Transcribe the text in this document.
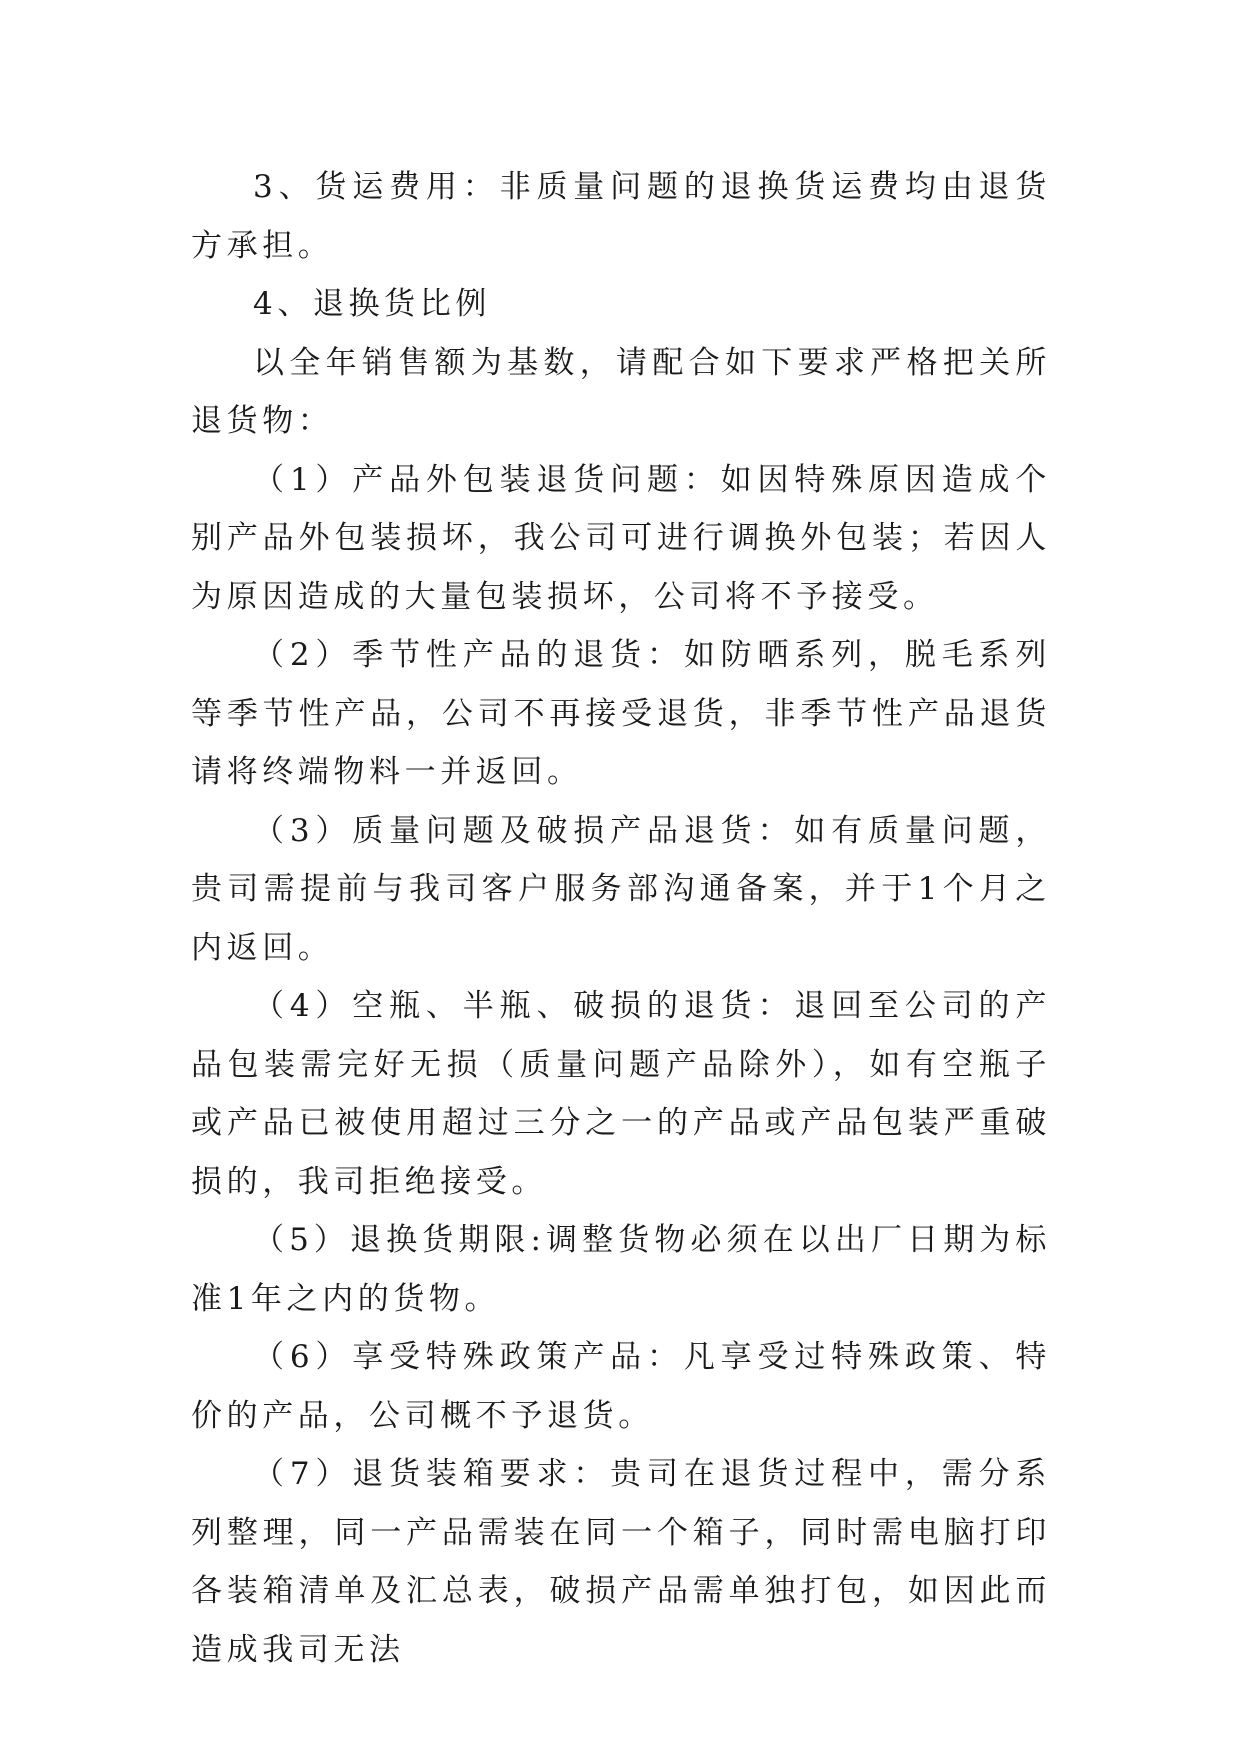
3、货运费用：非质量问题的退换货运费均由退货方承担。

4、退换货比例

以全年销售额为基数，请配合如下要求严格把关所退货物：

（1）产品外包装退货问题：如因特殊原因造成个别产品外包装损坏，我公司可进行调换外包装；若因人为原因造成的大量包装损坏，公司将不予接受。

（2）季节性产品的退货：如防晒系列，脱毛系列等季节性产品，公司不再接受退货，非季节性产品退货请将终端物料一并返回。

（3）质量问题及破损产品退货：如有质量问题，贵司需提前与我司客户服务部沟通备案，并于1个月之内返回。

（4）空瓶、半瓶、破损的退货：退回至公司的产品包装需完好无损（质量问题产品除外），如有空瓶子或产品已被使用超过三分之一的产品或产品包装严重破损的，我司拒绝接受。

（5）退换货期限:调整货物必须在以出厂日期为标准1年之内的货物。

（6）享受特殊政策产品：凡享受过特殊政策、特价的产品，公司概不予退货。

（7）退货装箱要求：贵司在退货过程中，需分系列整理，同一产品需装在同一个箱子，同时需电脑打印各装箱清单及汇总表，破损产品需单独打包，如因此而造成我司无法
